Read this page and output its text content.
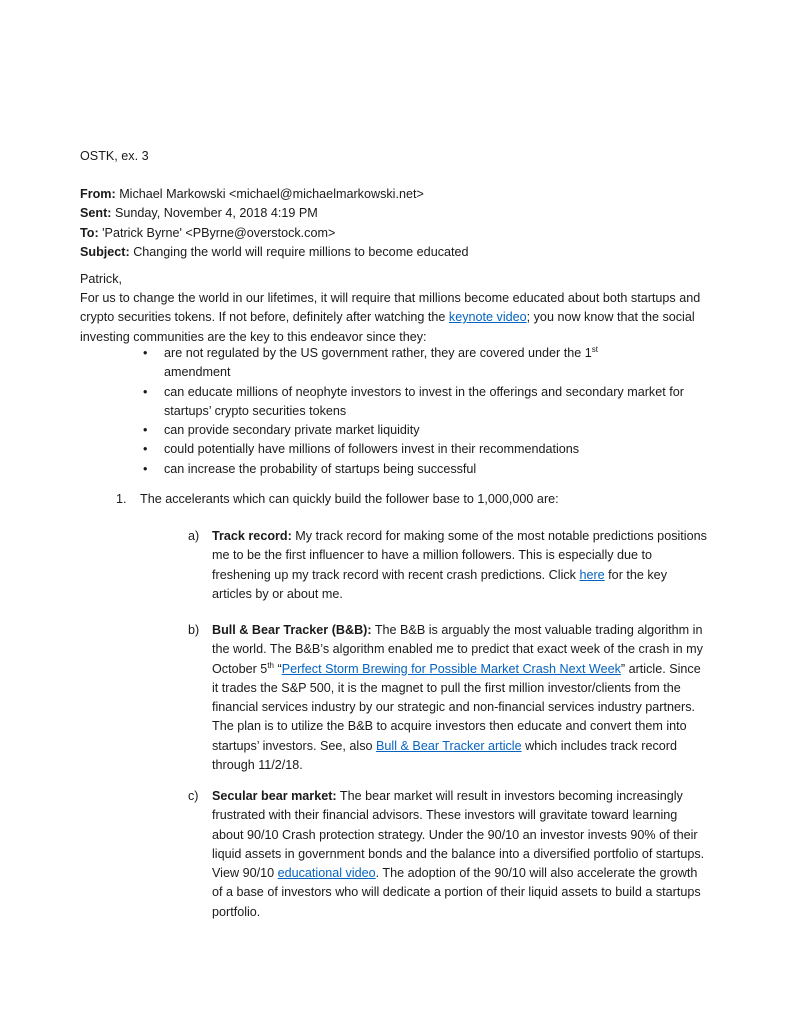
OSTK, ex. 3

From: Michael Markowski <michael@michaelmarkowski.net>

Sent: Sunday, November 4, 2018 4:19 PM

To: 'Patrick Byrne' <PByrne@overstock.com>

Subject: Changing the world will require millions to become educated

Patrick,

For us to change the world in our lifetimes, it will require that millions become educated about both startups and crypto securities tokens. If not before, definitely after watching the keynote video; you now know that the social investing communities are the key to this endeavor since they:

• are not regulated by the US government rather, they are covered under the 1st
amendment
• can educate millions of neophyte investors to invest in the offerings and secondary market for startups’ crypto securities tokens
• can provide secondary private market liquidity
• could potentially have millions of followers invest in their recommendations
• can increase the probability of startups being successful
1. The accelerants which can quickly build the follower base to 1,000,000 are:
a) Track record: My track record for making some of the most notable predictions positions me to be the first influencer to have a million followers. This is especially due to freshening up my track record with recent crash predictions. Click here for the key articles by or about me.

b) Bull & Bear Tracker (B&B): The B&B is arguably the most valuable trading algorithm in the world. The B&B’s algorithm enabled me to predict that exact week of the crash in my October 5th “Perfect Storm Brewing for Possible Market Crash Next Week” article. Since it trades the S&P 500, it is the magnet to pull the first million investor/clients from the financial services industry by our strategic and non-financial services industry partners. The plan is to utilize the B&B to acquire investors then educate and convert them into startups’ investors. See, also Bull & Bear Tracker article which includes track record through 11/2/18.

c) Secular bear market: The bear market will result in investors becoming increasingly frustrated with their financial advisors. These investors will gravitate toward learning about 90/10 Crash protection strategy. Under the 90/10 an investor invests 90% of their liquid assets in government bonds and the balance into a diversified portfolio of startups. View 90/10 educational video. The adoption of the 90/10 will also accelerate the growth of a base of investors who will dedicate a portion of their liquid assets to build a startups portfolio.
